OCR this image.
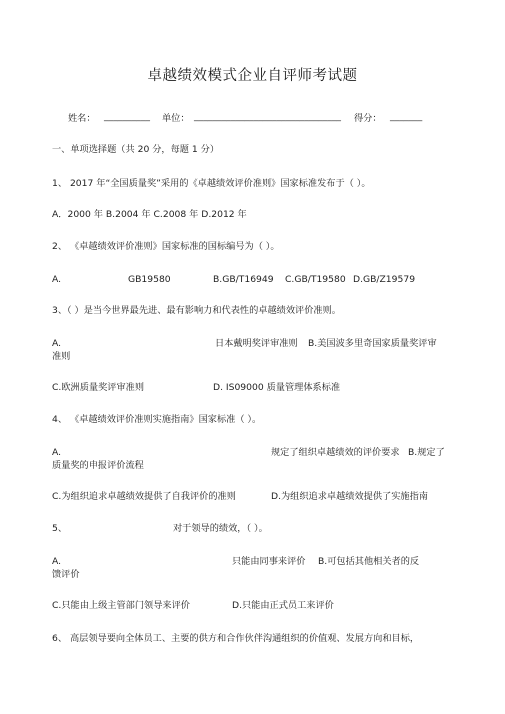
卓越绩效模式企业自评师考试题
姓名： __________ 单位： ________________________________ 得分： _______
一、单项选择题（共 20 分，每题 1 分）
1、 2017 年“全国质量奖”采用的《卓越绩效评价准则》国家标准发布于（ ）。
A．2000 年 B.2004 年 C.2008 年 D.2012 年
2、 《卓越绩效评价准则》国家标准的国标编号为（ ）。
A.	GB19580	B.GB/T16949 C.GB/T19580 D.GB/Z19579
3、（ ）是当今世界最先进、最有影响力和代表性的卓越绩效评价准则。
A.	日本戴明奖评审准则 B.美国波多里奇国家质量奖评审
准则
C.欧洲质量奖评审准则	D. IS09000 质量管理体系标准
4、 《卓越绩效评价准则实施指南》国家标准（ ）。
A.	规定了组织卓越绩效的评价要求 B.规定了
质量奖的申报评价流程
C.为组织追求卓越绩效提供了自我评价的准则	D.为组织追求卓越绩效提供了实施指南
5、	对于领导的绩效，（ ）。
A.	只能由同事来评价 B.可包括其他相关者的反
馈评价
C.只能由上级主管部门领导来评价	D.只能由正式员工来评价
6、 高层领导要向全体员工、主要的供方和合作伙伴沟通组织的价值观、发展方向和目标，
